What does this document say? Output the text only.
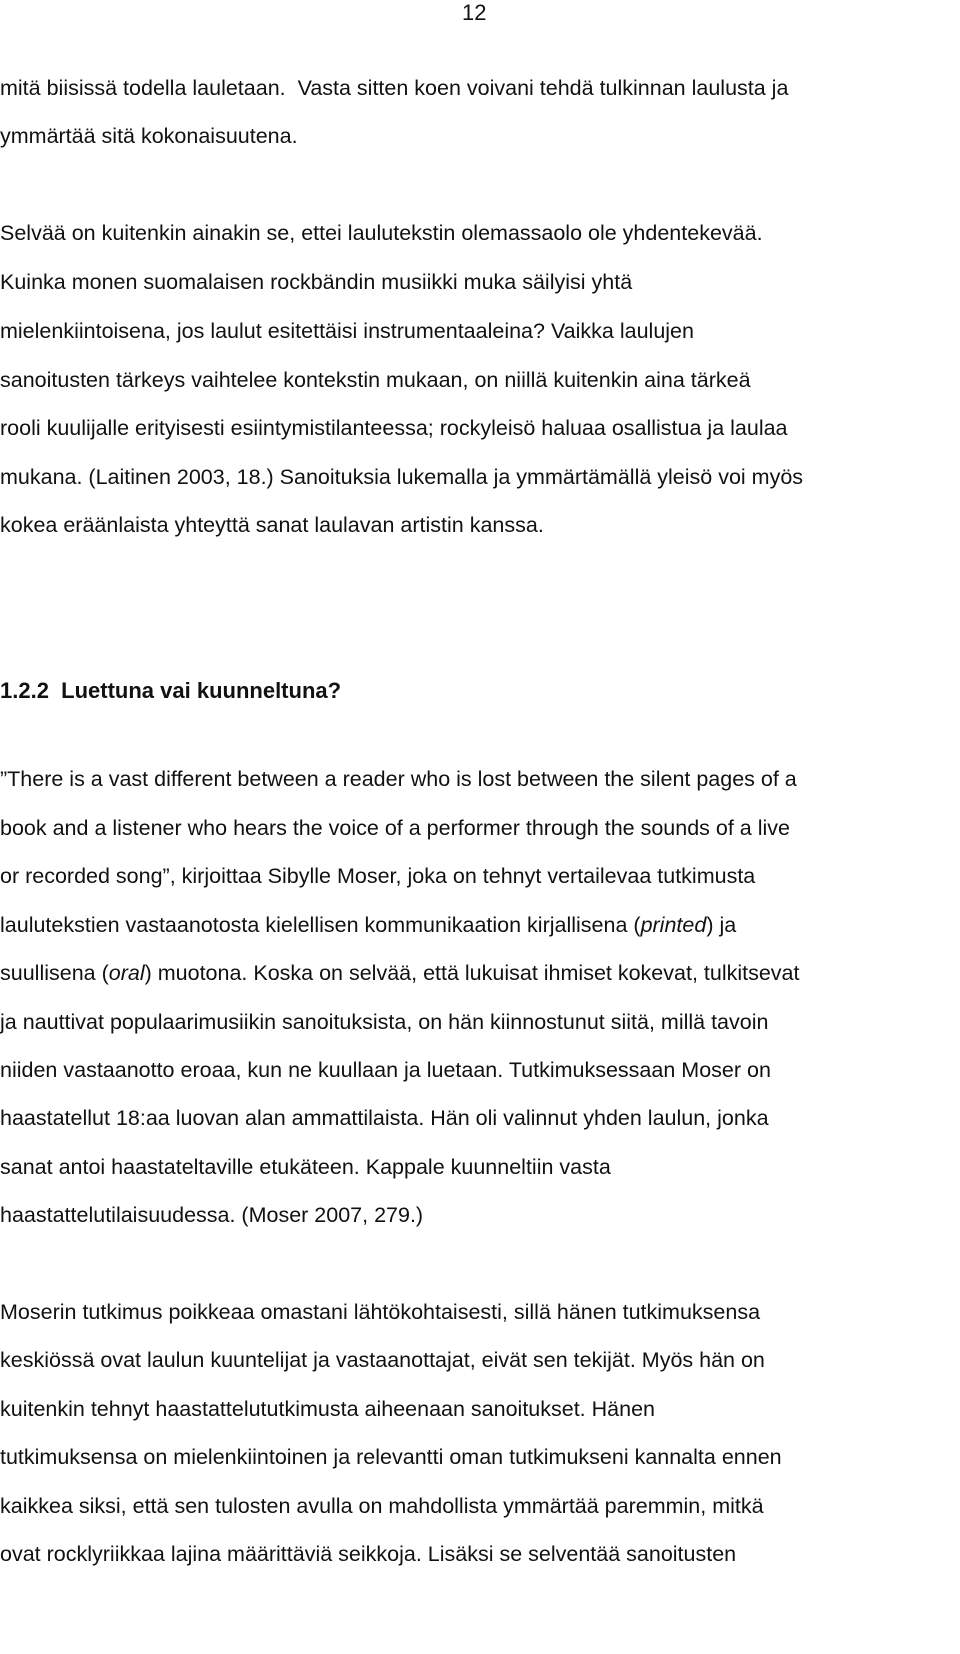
12
mitä biisissä todella lauletaan.  Vasta sitten koen voivani tehdä tulkinnan laulusta ja
ymmärtää sitä kokonaisuutena.
Selvää on kuitenkin ainakin se, ettei laulutekstin olemassaolo ole yhdentekevää.
Kuinka monen suomalaisen rockbändin musiikki muka säilyisi yhtä
mielenkiintoisena, jos laulut esitettäisi instrumentaaleina? Vaikka laulujen
sanoitusten tärkeys vaihtelee kontekstin mukaan, on niillä kuitenkin aina tärkeä
rooli kuulijalle erityisesti esiintymistilanteessa; rockyleisö haluaa osallistua ja laulaa
mukana. (Laitinen 2003, 18.) Sanoituksia lukemalla ja ymmärtämällä yleisö voi myös
kokea eräänlaista yhteyttä sanat laulavan artistin kanssa.
1.2.2  Luettuna vai kuunneltuna?
”There is a vast different between a reader who is lost between the silent pages of a
book and a listener who hears the voice of a performer through the sounds of a live
or recorded song”, kirjoittaa Sibylle Moser, joka on tehnyt vertailevaa tutkimusta
laulutekstien vastaanotosta kielellisen kommunikaation kirjallisena (printed) ja
suullisena (oral) muotona. Koska on selvää, että lukuisat ihmiset kokevat, tulkitsevat
ja nauttivat populaarimusiikin sanoituksista, on hän kiinnostunut siitä, millä tavoin
niiden vastaanotto eroaa, kun ne kuullaan ja luetaan. Tutkimuksessaan Moser on
haastatellut 18:aa luovan alan ammattilaista. Hän oli valinnut yhden laulun, jonka
sanat antoi haastateltaville etukäteen. Kappale kuunneltiin vasta
haastattelutilaisuudessa. (Moser 2007, 279.)
Moserin tutkimus poikkeaa omastani lähtökohtaisesti, sillä hänen tutkimuksensa
keskiössä ovat laulun kuuntelijat ja vastaanottajat, eivät sen tekijät. Myös hän on
kuitenkin tehnyt haastattelututkimusta aiheenaan sanoitukset. Hänen
tutkimuksensa on mielenkiintoinen ja relevantti oman tutkimukseni kannalta ennen
kaikkea siksi, että sen tulosten avulla on mahdollista ymmärtää paremmin, mitkä
ovat rocklyriikkaa lajina määrittäviä seikkoja. Lisäksi se selventää sanoitusten
